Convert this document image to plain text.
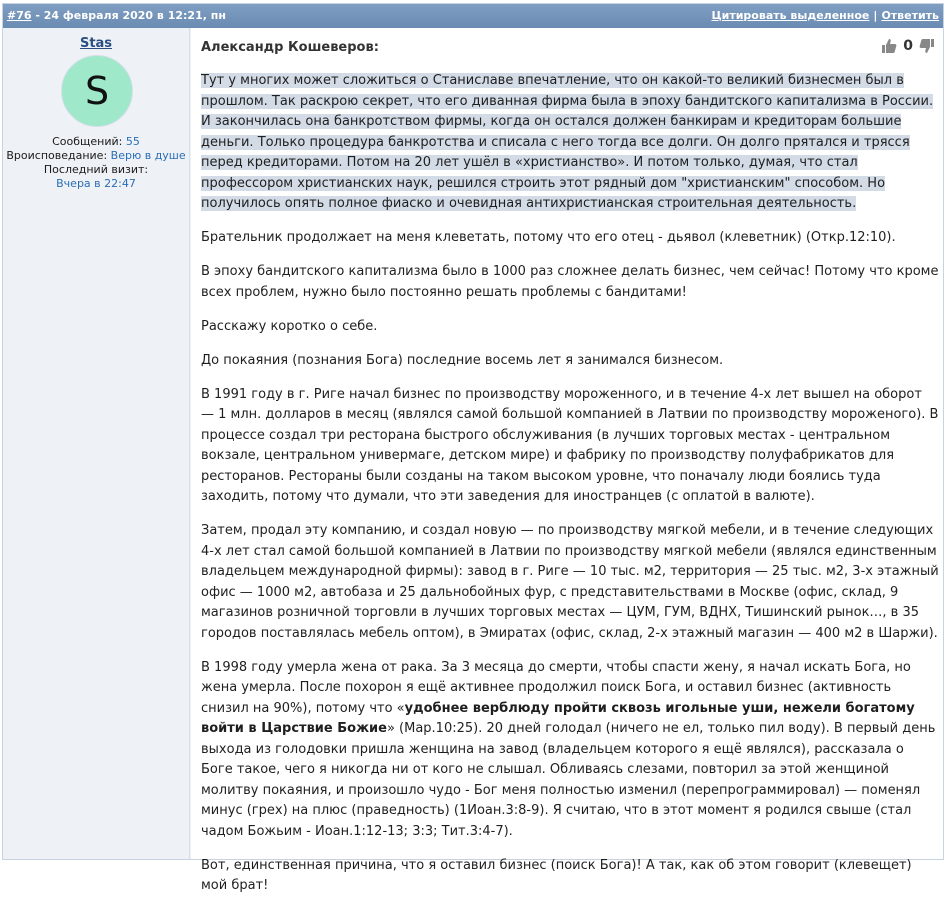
#76 - 24 февраля 2020 в 12:21, пн	Цитировать выделенное | Ответить
Stas
S
Сообщений: 55
Вроисповедание: Верю в душе
Последний визит:
Вчера в 22:47
Александр Кошеверов:	0

Тут у многих может сложиться о Станиславе впечатление, что он какой-то великий бизнесмен был в прошлом. Так раскрою секрет, что его диванная фирма была в эпоху бандитского капитализма в России. И закончилась она банкротством фирмы, когда он остался должен банкирам и кредиторам большие деньги. Только процедура банкротства и списала с него тогда все долги. Он долго прятался и трясся перед кредиторами. Потом на 20 лет ушёл в «христианство». И потом только, думая, что стал профессором христианских наук, решился строить этот рядный дом "христианским" способом. Но получилось опять полное фиаско и очевидная антихристианская строительная деятельность.

Брательник продолжает на меня клеветать, потому что его отец - дьявол (клеветник) (Откр.12:10).

В эпоху бандитского капитализма было в 1000 раз сложнее делать бизнес, чем сейчас! Потому что кроме всех проблем, нужно было постоянно решать проблемы с бандитами!

Расскажу коротко о себе.

До покаяния (познания Бога) последние восемь лет я занимался бизнесом.

В 1991 году в г. Риге начал бизнес по производству мороженного, и в течение 4-х лет вышел на оборот — 1 млн. долларов в месяц (являлся самой большой компанией в Латвии по производству мороженого). В процессе создал три ресторана быстрого обслуживания (в лучших торговых местах - центральном вокзале, центральном универмаге, детском мире) и фабрику по производству полуфабрикатов для ресторанов. Рестораны были созданы на таком высоком уровне, что поначалу люди боялись туда заходить, потому что думали, что эти заведения для иностранцев (с оплатой в валюте).

Затем, продал эту компанию, и создал новую — по производству мягкой мебели, и в течение следующих 4-х лет стал самой большой компанией в Латвии по производству мягкой мебели (являлся единственным владельцем международной фирмы): завод в г. Риге — 10 тыс. м2, территория — 25 тыс. м2, 3-х этажный офис — 1000 м2, автобаза и 25 дальнобойных фур, с представительствами в Москве (офис, склад, 9 магазинов розничной торговли в лучших торговых местах — ЦУМ, ГУМ, ВДНХ, Тишинский рынок…, в 35 городов поставлялась мебель оптом), в Эмиратах (офис, склад, 2-х этажный магазин — 400 м2 в Шаржи).

В 1998 году умерла жена от рака. За 3 месяца до смерти, чтобы спасти жену, я начал искать Бога, но жена умерла. После похорон я ещё активнее продолжил поиск Бога, и оставил бизнес (активность снизил на 90%), потому что «удобнее верблюду пройти сквозь игольные уши, нежели богатому войти в Царствие Божие» (Мар.10:25). 20 дней голодал (ничего не ел, только пил воду). В первый день выхода из голодовки пришла женщина на завод (владельцем которого я ещё являлся), рассказала о Боге такое, чего я никогда ни от кого не слышал. Обливаясь слезами, повторил за этой женщиной молитву покаяния, и произошло чудо - Бог меня полностью изменил (перепрограммировал) — поменял минус (грех) на плюс (праведность) (1Иоан.3:8-9). Я считаю, что в этот момент я родился свыше (стал чадом Божьим - Иоан.1:12-13; 3:3; Тит.3:4-7).

Вот, единственная причина, что я оставил бизнес (поиск Бога)! А так, как об этом говорит (клевещет) мой брат!
